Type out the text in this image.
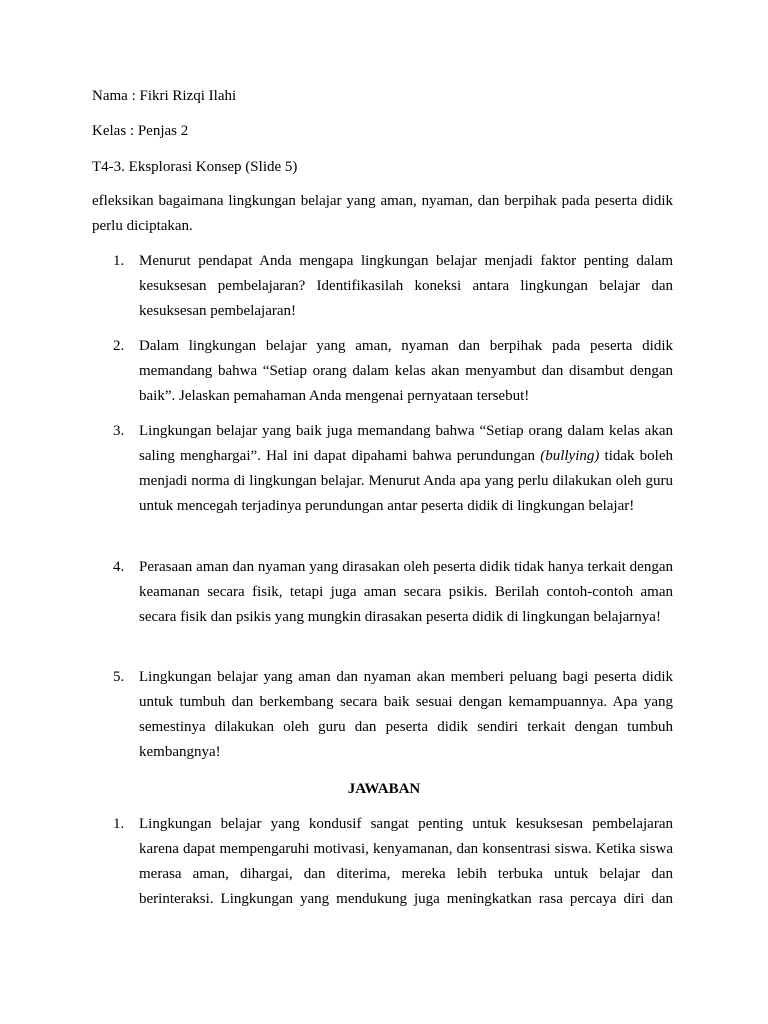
Nama : Fikri Rizqi Ilahi

Kelas : Penjas 2

T4-3. Eksplorasi Konsep (Slide 5)

efleksikan bagaimana lingkungan belajar yang aman, nyaman, dan berpihak pada peserta didik perlu diciptakan.

1. Menurut pendapat Anda mengapa lingkungan belajar menjadi faktor penting dalam kesuksesan pembelajaran? Identifikasilah koneksi antara lingkungan belajar dan kesuksesan pembelajaran!

2. Dalam lingkungan belajar yang aman, nyaman dan berpihak pada peserta didik memandang bahwa “Setiap orang dalam kelas akan menyambut dan disambut dengan baik”. Jelaskan pemahaman Anda mengenai pernyataan tersebut!

3. Lingkungan belajar yang baik juga memandang bahwa “Setiap orang dalam kelas akan saling menghargai”. Hal ini dapat dipahami bahwa perundungan (bullying) tidak boleh menjadi norma di lingkungan belajar. Menurut Anda apa yang perlu dilakukan oleh guru untuk mencegah terjadinya perundungan antar peserta didik di lingkungan belajar!

4. Perasaan aman dan nyaman yang dirasakan oleh peserta didik tidak hanya terkait dengan keamanan secara fisik, tetapi juga aman secara psikis. Berilah contoh-contoh aman secara fisik dan psikis yang mungkin dirasakan peserta didik di lingkungan belajarnya!

5. Lingkungan belajar yang aman dan nyaman akan memberi peluang bagi peserta didik untuk tumbuh dan berkembang secara baik sesuai dengan kemampuannya. Apa yang semestinya dilakukan oleh guru dan peserta didik sendiri terkait dengan tumbuh kembangnya!

JAWABAN

1. Lingkungan belajar yang kondusif sangat penting untuk kesuksesan pembelajaran karena dapat mempengaruhi motivasi, kenyamanan, dan konsentrasi siswa. Ketika siswa merasa aman, dihargai, dan diterima, mereka lebih terbuka untuk belajar dan berinteraksi. Lingkungan yang mendukung juga meningkatkan rasa percaya diri dan
